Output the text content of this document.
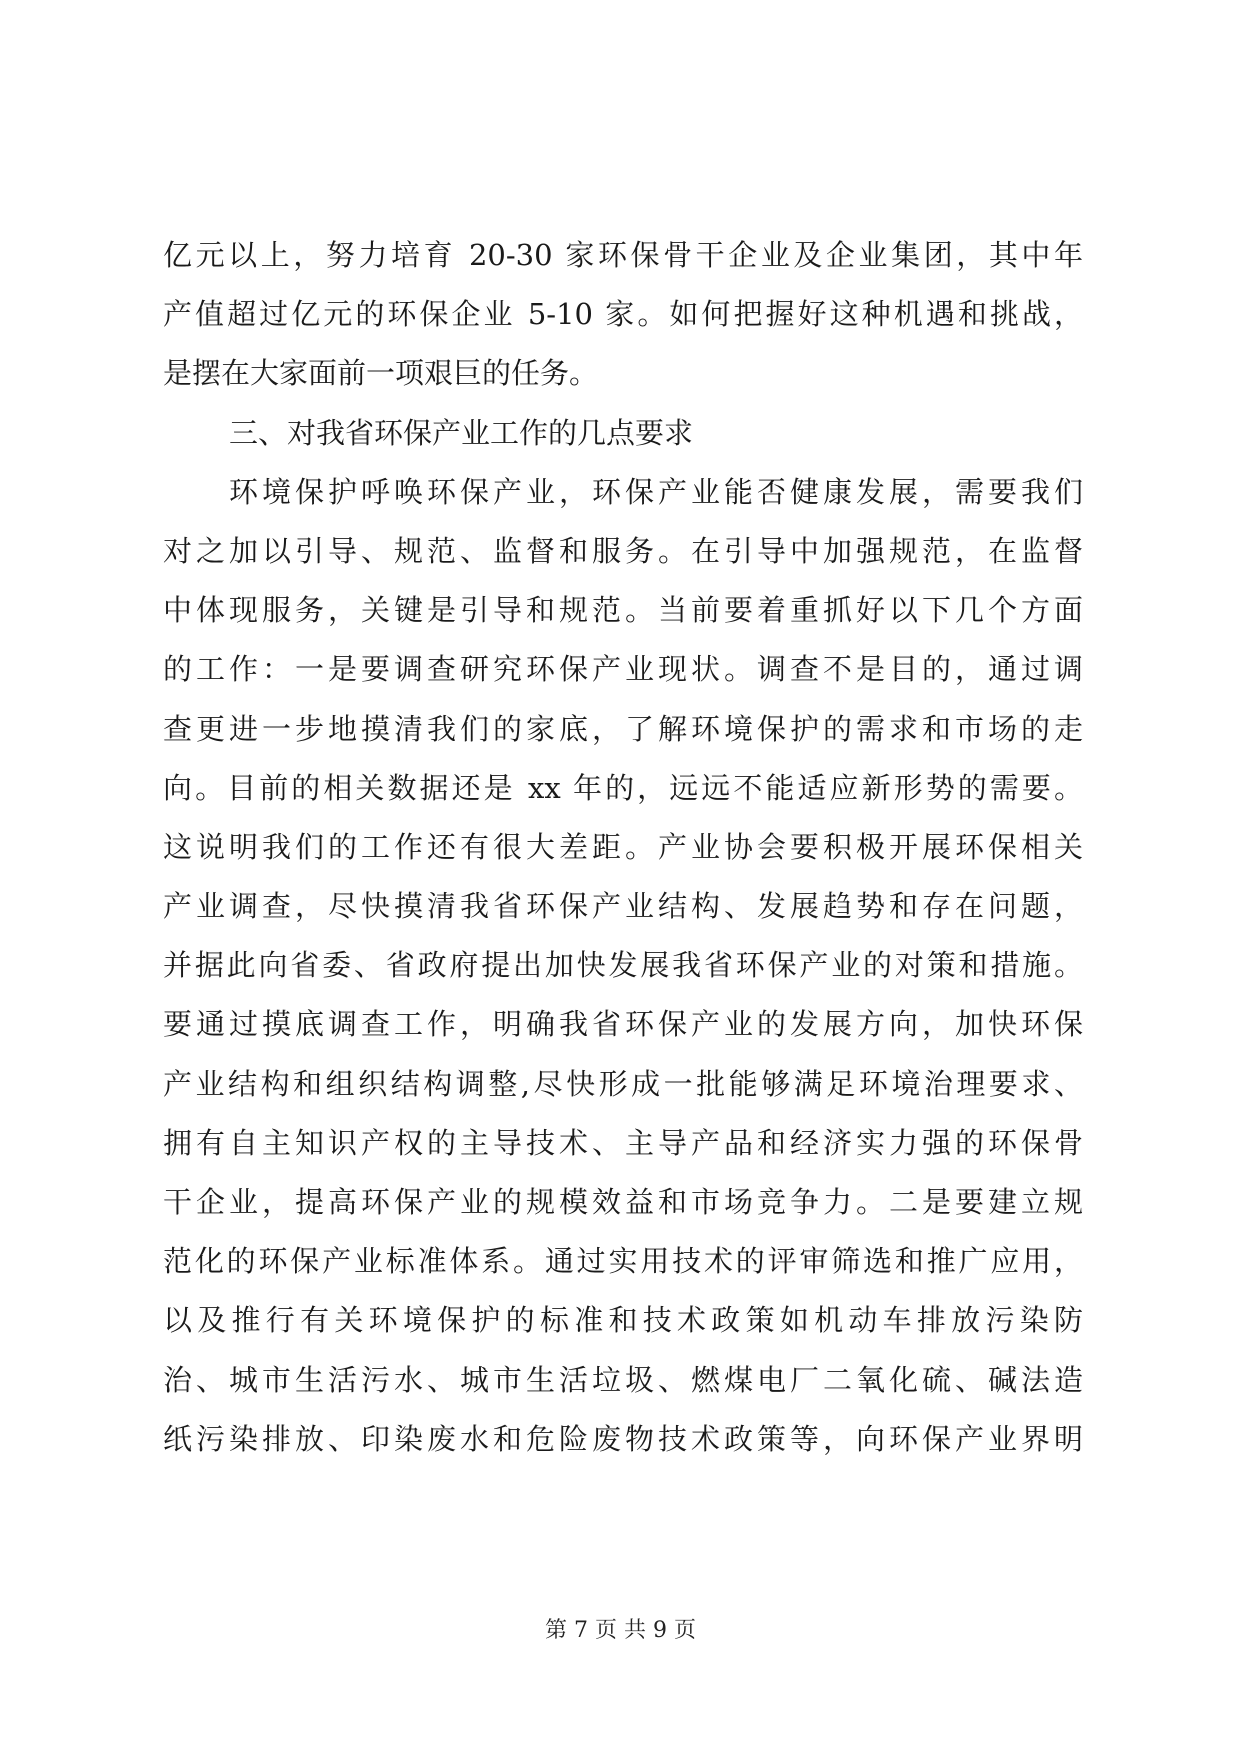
亿元以上，努力培育 20-30 家环保骨干企业及企业集团，其中年
产值超过亿元的环保企业 5-10 家。如何把握好这种机遇和挑战，
是摆在大家面前一项艰巨的任务。
三、对我省环保产业工作的几点要求
环境保护呼唤环保产业，环保产业能否健康发展，需要我们
对之加以引导、规范、监督和服务。在引导中加强规范，在监督
中体现服务，关键是引导和规范。当前要着重抓好以下几个方面
的工作：一是要调查研究环保产业现状。调查不是目的，通过调
查更进一步地摸清我们的家底，了解环境保护的需求和市场的走
向。目前的相关数据还是 xx 年的，远远不能适应新形势的需要。
这说明我们的工作还有很大差距。产业协会要积极开展环保相关
产业调查，尽快摸清我省环保产业结构、发展趋势和存在问题，
并据此向省委、省政府提出加快发展我省环保产业的对策和措施。
要通过摸底调查工作，明确我省环保产业的发展方向，加快环保
产业结构和组织结构调整,尽快形成一批能够满足环境治理要求、
拥有自主知识产权的主导技术、主导产品和经济实力强的环保骨
干企业，提高环保产业的规模效益和市场竞争力。二是要建立规
范化的环保产业标准体系。通过实用技术的评审筛选和推广应用，
以及推行有关环境保护的标准和技术政策如机动车排放污染防
治、城市生活污水、城市生活垃圾、燃煤电厂二氧化硫、碱法造
纸污染排放、印染废水和危险废物技术政策等，向环保产业界明
第 7 页 共 9 页
